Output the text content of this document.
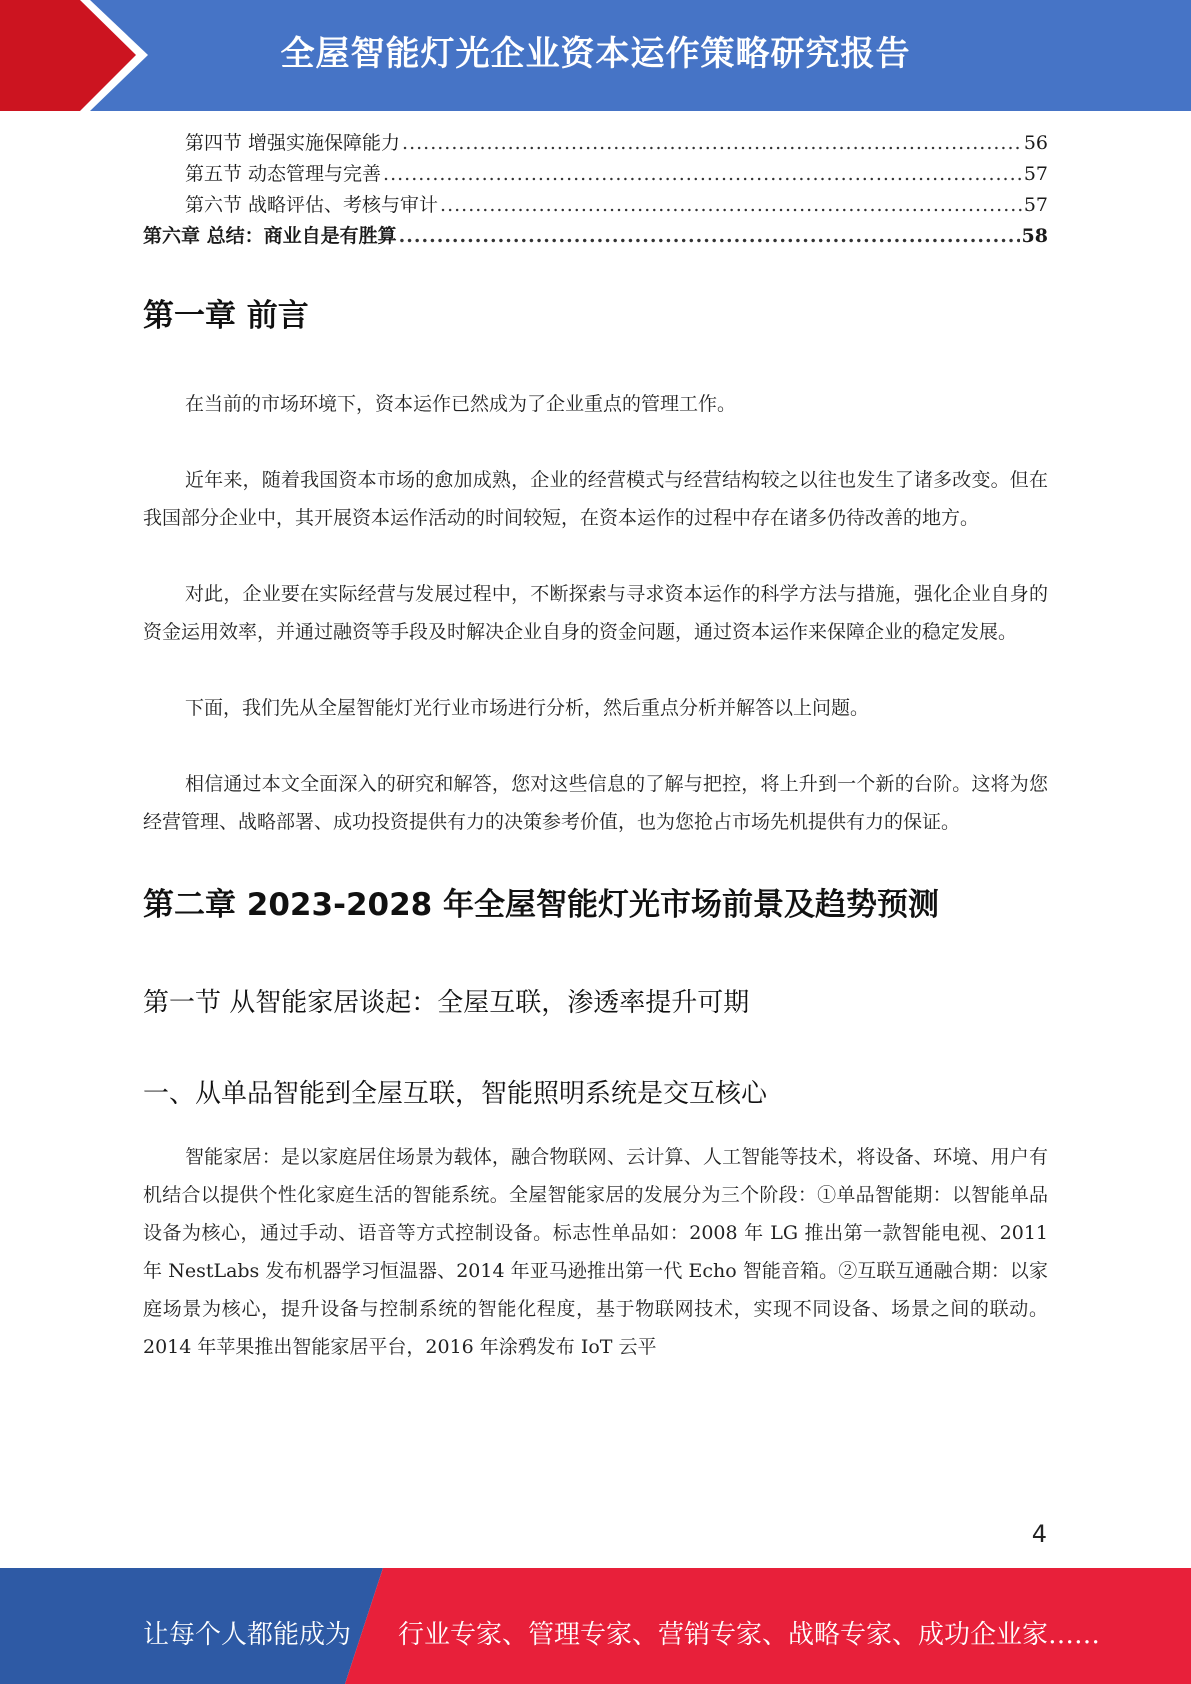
全屋智能灯光企业资本运作策略研究报告
第四节 增强实施保障能力 .....	56
第五节 动态管理与完善 .....	57
第六节 战略评估、考核与审计 .....	57
第六章 总结：商业自是有胜算 .....	58
第一章 前言

在当前的市场环境下，资本运作已然成为了企业重点的管理工作。

近年来，随着我国资本市场的愈加成熟，企业的经营模式与经营结构较之以往也发生了诸多改变。但在我国部分企业中，其开展资本运作活动的时间较短，在资本运作的过程中存在诸多仍待改善的地方。

对此，企业要在实际经营与发展过程中，不断探索与寻求资本运作的科学方法与措施，强化企业自身的资金运用效率，并通过融资等手段及时解决企业自身的资金问题，通过资本运作来保障企业的稳定发展。

下面，我们先从全屋智能灯光行业市场进行分析，然后重点分析并解答以上问题。

相信通过本文全面深入的研究和解答，您对这些信息的了解与把控，将上升到一个新的台阶。这将为您经营管理、战略部署、成功投资提供有力的决策参考价值，也为您抢占市场先机提供有力的保证。

第二章 2023-2028 年全屋智能灯光市场前景及趋势预测
第一节 从智能家居谈起：全屋互联，渗透率提升可期
一、从单品智能到全屋互联，智能照明系统是交互核心

智能家居：是以家庭居住场景为载体，融合物联网、云计算、人工智能等技术，将设备、环境、用户有机结合以提供个性化家庭生活的智能系统。全屋智能家居的发展分为三个阶段：①单品智能期：以智能单品设备为核心，通过手动、语音等方式控制设备。标志性单品如：2008 年 LG 推出第一款智能电视、2011 年 NestLabs 发布机器学习恒温器、2014 年亚马逊推出第一代 Echo 智能音箱。②互联互通融合期：以家庭场景为核心，提升设备与控制系统的智能化程度，基于物联网技术，实现不同设备、场景之间的联动。2014 年苹果推出智能家居平台，2016 年涂鸦发布 IoT 云平

4
让每个人都能成为 行业专家、管理专家、营销专家、战略专家、成功企业家……
